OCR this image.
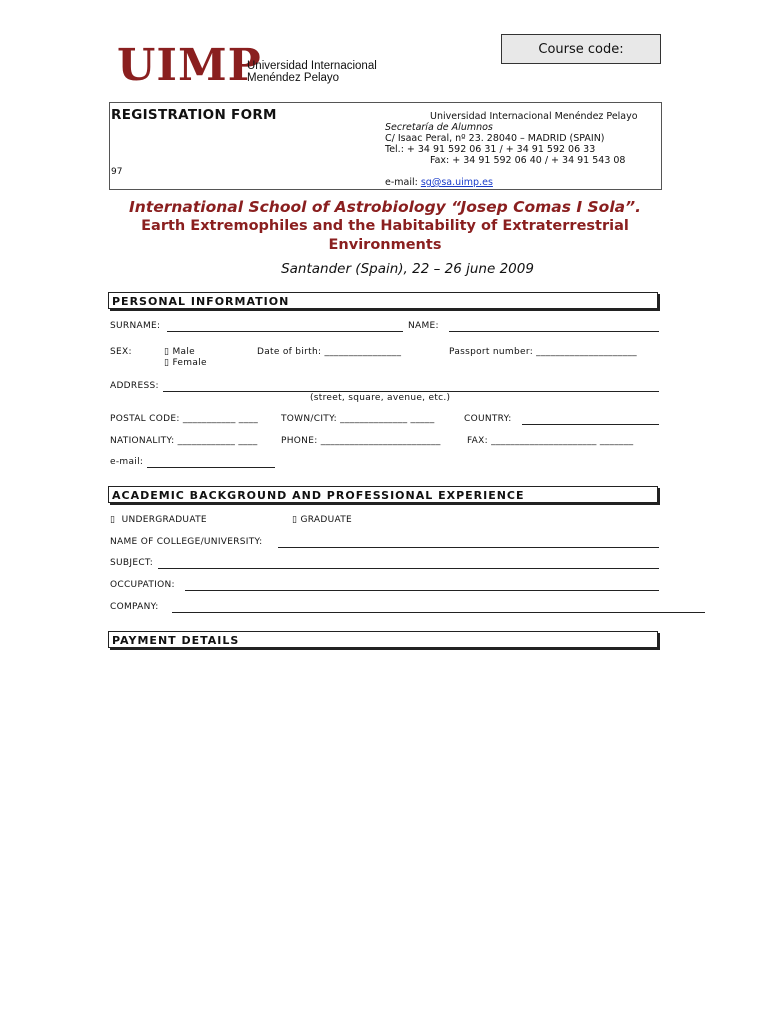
UIMP
Universidad Internacional
Menéndez Pelayo
Course code:
REGISTRATION FORM
97
Universidad Internacional Menéndez Pelayo
Secretaría de Alumnos
C/ Isaac Peral, nº 23. 28040 – MADRID (SPAIN)
Tel.: + 34 91 592 06 31 / + 34 91 592 06 33
Fax: + 34 91 592 06 40 / + 34 91 543 08
e-mail: sg@sa.uimp.es
International School of Astrobiology “Josep Comas I Sola”.
Earth Extremophiles and the Habitability of Extraterrestrial
Environments
Santander (Spain), 22 – 26 june 2009
PERSONAL INFORMATION
SURNAME:	NAME:
SEX:	▯ Male
▯ Female
Date of birth: ________________	Passport number: _____________________
ADDRESS:
(street, square, avenue, etc.)
POSTAL CODE: ___________ ____	TOWN/CITY: ______________ _____	COUNTRY:
NATIONALITY: ____________ ____	PHONE: _________________________	FAX: ______________________ _______
e-mail:
ACADEMIC BACKGROUND AND PROFESSIONAL EXPERIENCE
▯ UNDERGRADUATE	▯ GRADUATE
NAME OF COLLEGE/UNIVERSITY:
SUBJECT:
OCCUPATION:
COMPANY:
PAYMENT DETAILS
